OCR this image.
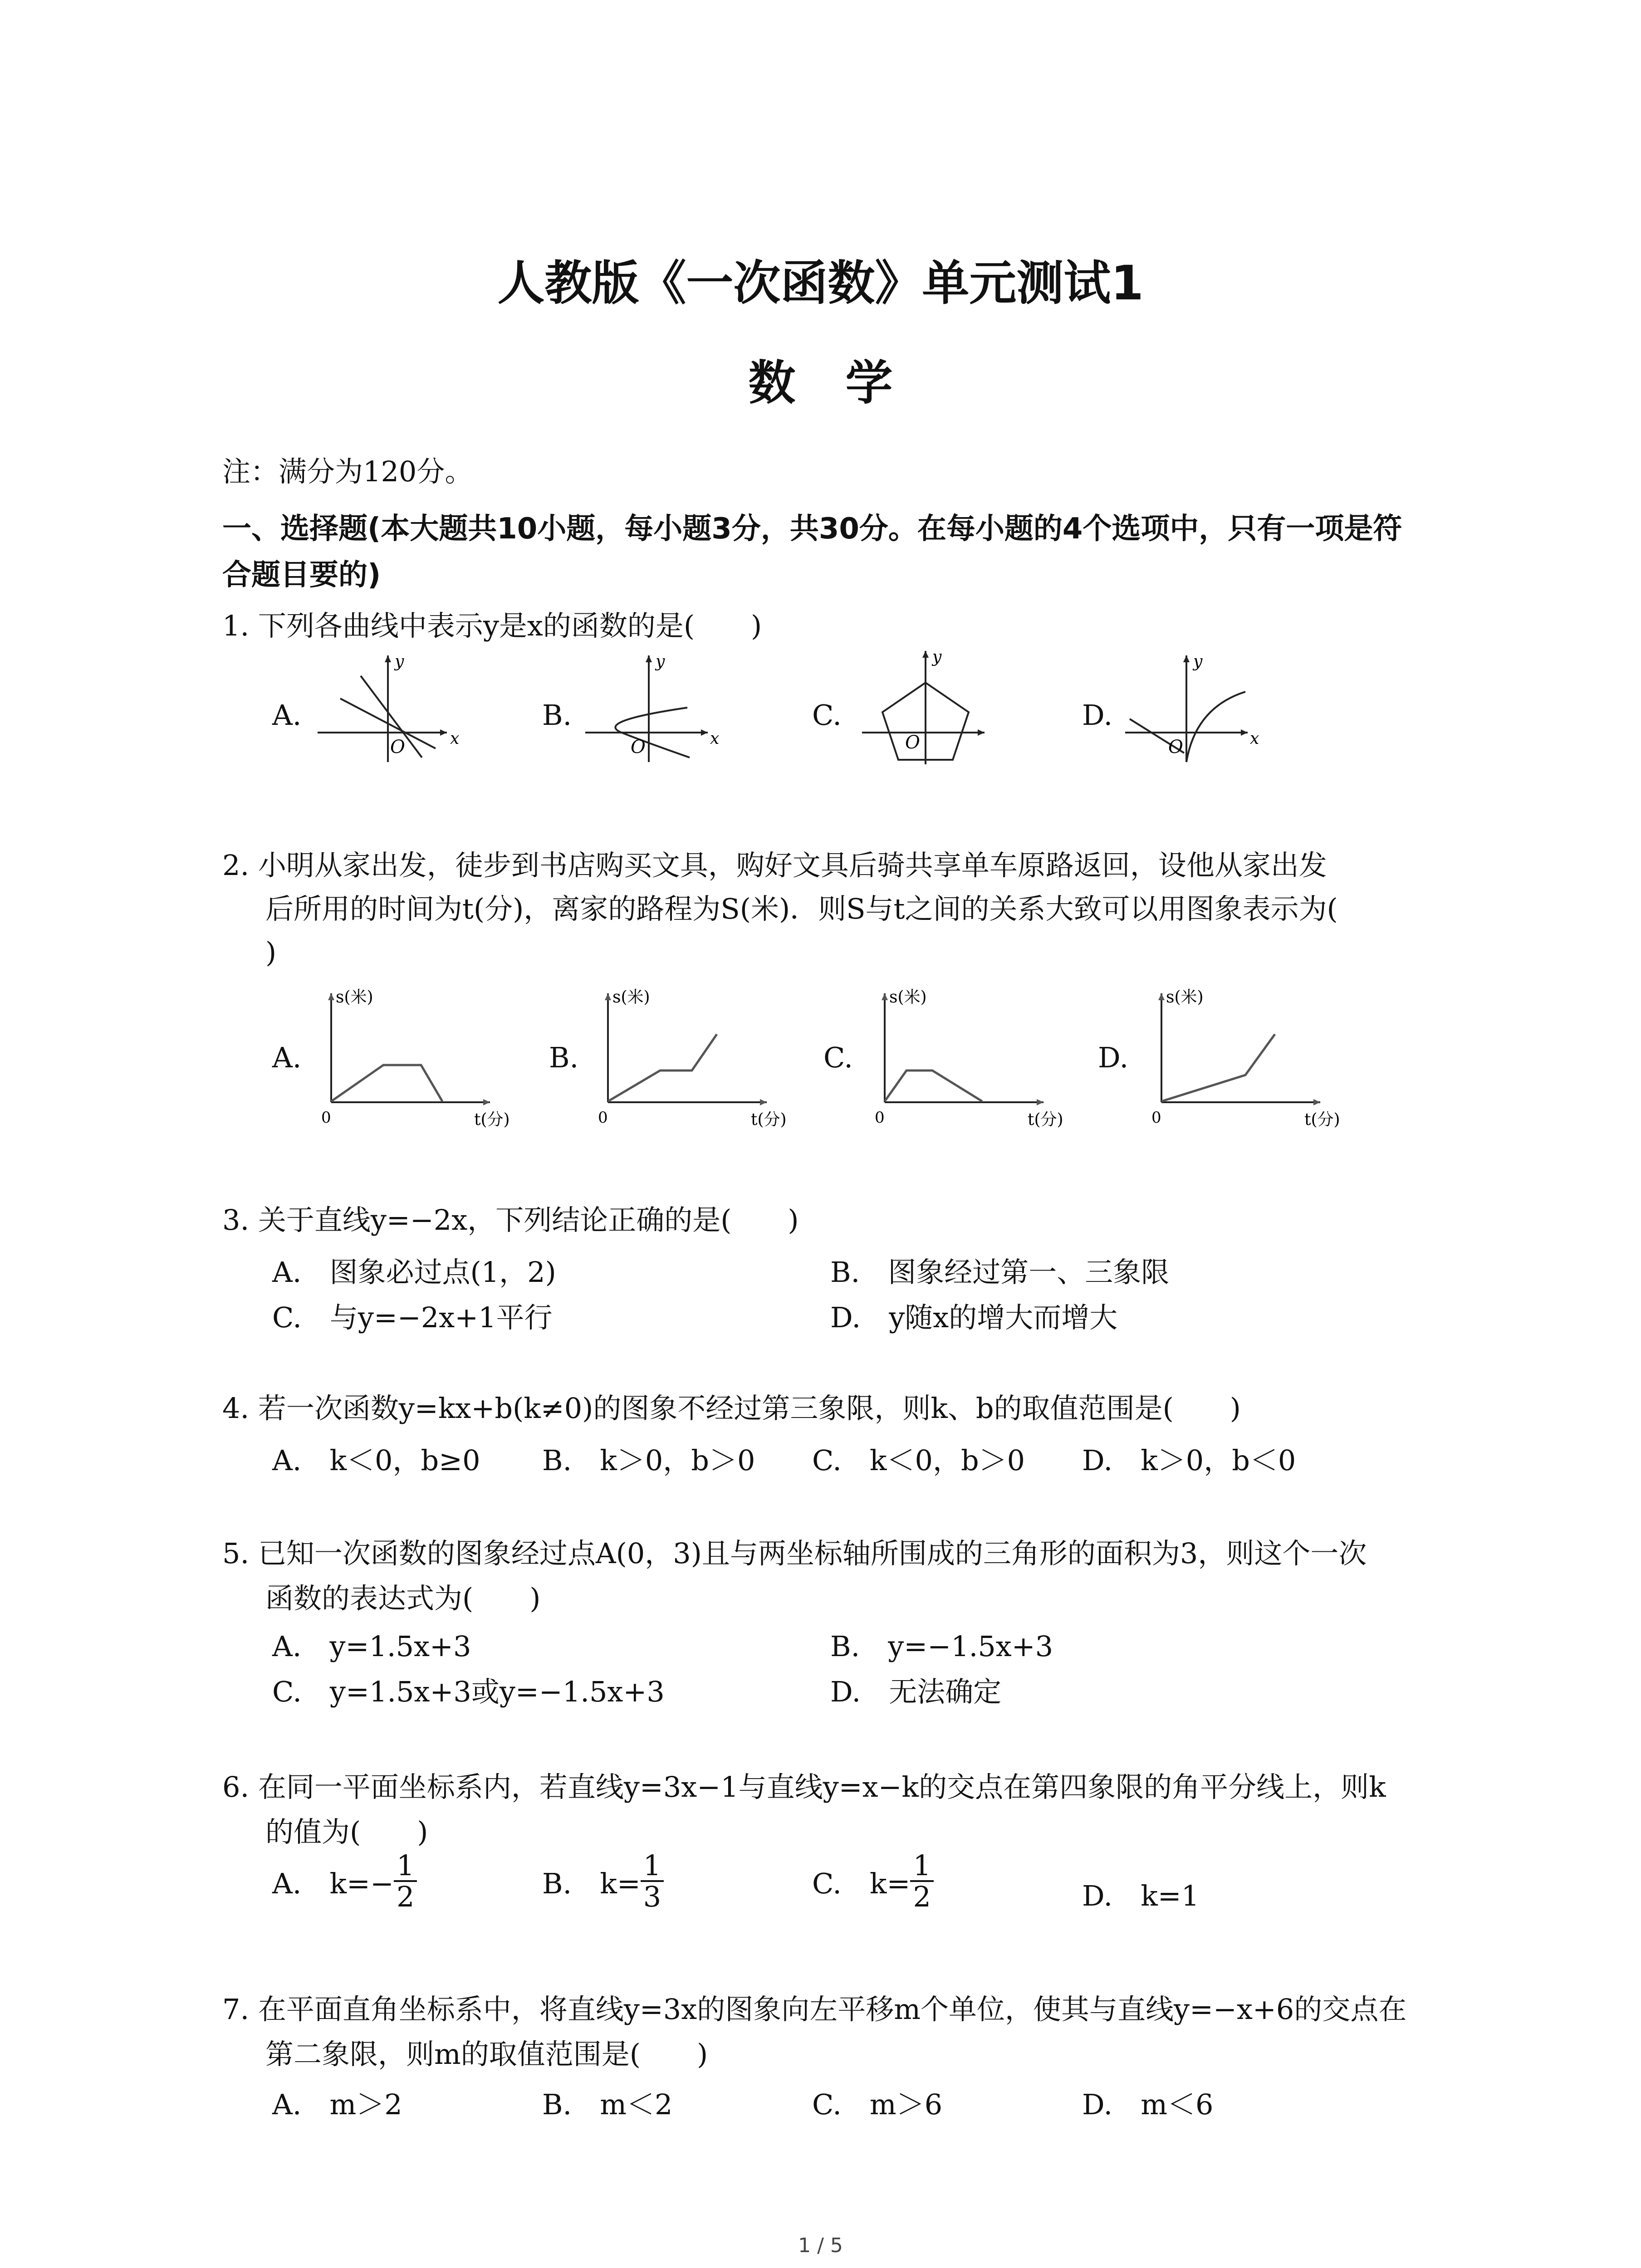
人教版《一次函数》单元测试1
数学
注：满分为120分。
一、选择题(本大题共10小题，每小题3分，共30分。在每小题的4个选项中，只有一项是符
合题目要的)
1. 下列各曲线中表示y是x的函数的是(　　)
A.
y
x
O
B.
y
x
O
C.
y
O
D.
y
x
O
2. 小明从家出发，徒步到书店购买文具，购好文具后骑共享单车原路返回，设他从家出发
后所用的时间为t(分)，离家的路程为S(米)．则S与t之间的关系大致可以用图象表示为(
)
A.
s(米)
t(分)
0
B.
s(米)
t(分)
0
C.
s(米)
t(分)
0
D.
s(米)
t(分)
0
3. 关于直线y=−2x，下列结论正确的是(　　)
A.　图象必过点(1，2)	B.　图象经过第一、三象限
C.　与y=−2x+1平行	D.　y随x的增大而增大
4. 若一次函数y=kx+b(k≠0)的图象不经过第三象限，则k、b的取值范围是(　　)
A.　k＜0，b≥0 B.　k＞0，b＞0 C.　k＜0，b＞0 D.　k＞0，b＜0
5. 已知一次函数的图象经过点A(0，3)且与两坐标轴所围成的三角形的面积为3，则这个一次
函数的表达式为(　　)
A.　y=1.5x+3	B.　y=−1.5x+3
C.　y=1.5x+3或y=−1.5x+3	D.　无法确定
6. 在同一平面坐标系内，若直线y=3x−1与直线y=x−k的交点在第四象限的角平分线上，则k
的值为(　　)
A.　$k=- \frac{1}{2}$	B.　$k= \frac{1}{3}$	C.　$k= \frac{1}{2}$	D.　k=1
7. 在平面直角坐标系中，将直线y=3x的图象向左平移m个单位，使其与直线y=−x+6的交点在
第二象限，则m的取值范围是(　　)
A.　m＞2	B.　m＜2	C.　m＞6	D.　m＜6
1 / 5
